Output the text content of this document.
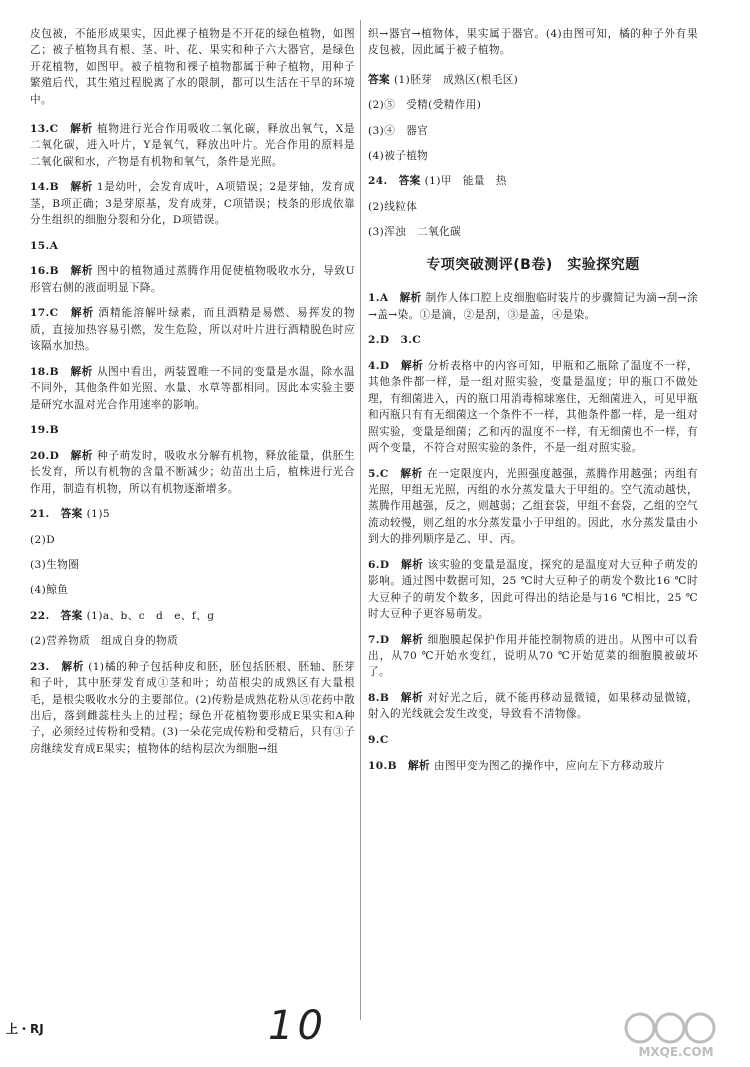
皮包被，不能形成果实，因此裸子植物是不开花的绿色植物，如图乙；被子植物具有根、茎、叶、花、果实和种子六大器官，是绿色开花植物，如图甲。被子植物和裸子植物都属于种子植物，用种子繁殖后代，其生殖过程脱离了水的限制，都可以生活在干旱的环境中。

13.C　 解析 植物进行光合作用吸收二氧化碳，释放出氧气，X是二氧化碳，进入叶片，Y是氧气，释放出叶片。光合作用的原料是二氧化碳和水，产物是有机物和氧气，条件是光照。

14.B　 解析 1是幼叶，会发育成叶，A项错误；2是芽轴，发育成茎，B项正确；3是芽原基，发育成芽，C项错误；枝条的形成依靠分生组织的细胞分裂和分化，D项错误。

15.A　

16.B　 解析 图中的植物通过蒸腾作用促使植物吸收水分，导致U形管右侧的液面明显下降。

17.C　 解析 酒精能溶解叶绿素，而且酒精是易燃、易挥发的物质，直接加热容易引燃，发生危险，所以对叶片进行酒精脱色时应该隔水加热。

18.B　 解析 从图中看出，两装置唯一不同的变量是水温，除水温不同外，其他条件如光照、水量、水草等都相同。因此本实验主要是研究水温对光合作用速率的影响。

19.B　

20.D　 解析 种子萌发时，吸收水分解有机物，释放能量，供胚生长发育，所以有机物的含量不断减少；幼苗出土后，植株进行光合作用，制造有机物，所以有机物逐渐增多。

21.　 答案 (1)5

(2)D

(3)生物圈

(4)鲸鱼

22.　 答案 (1)a、b、c　d　e、f、g

(2)营养物质　组成自身的物质

23.　 解析 (1)橘的种子包括种皮和胚，胚包括胚根、胚轴、胚芽和子叶，其中胚芽发育成①茎和叶；幼苗根尖的成熟区有大量根毛，是根尖吸收水分的主要部位。(2)传粉是成熟花粉从⑤花药中散出后，落到雌蕊柱头上的过程；绿色开花植物要形成E果实和A种子，必须经过传粉和受精。(3)一朵花完成传粉和受精后，只有③子房继续发育成E果实；植物体的结构层次为细胞→组

织→器官→植物体，果实属于器官。(4)由图可知，橘的种子外有果皮包被，因此属于被子植物。

答案 (1)胚芽　成熟区(根毛区)

(2)⑤　受精(受精作用)

(3)④　器官

(4)被子植物

24.　 答案 (1)甲　能量　热

(2)线粒体

(3)浑浊　二氧化碳

专项突破测评(B卷)　实验探究题

1.A　 解析 制作人体口腔上皮细胞临时装片的步骤简记为滴→刮→涂→盖→染。①是滴，②是刮，③是盖，④是染。

2.D　3.C　

4.D　 解析 分析表格中的内容可知，甲瓶和乙瓶除了温度不一样，其他条件都一样，是一组对照实验，变量是温度；甲的瓶口不做处理，有细菌进入，丙的瓶口用消毒棉球塞住，无细菌进入，可见甲瓶和丙瓶只有有无细菌这一个条件不一样，其他条件都一样，是一组对照实验，变量是细菌；乙和丙的温度不一样，有无细菌也不一样，有两个变量，不符合对照实验的条件，不是一组对照实验。

5.C　 解析 在一定限度内，光照强度越强，蒸腾作用越强；丙组有光照，甲组无光照，丙组的水分蒸发量大于甲组的。空气流动越快，蒸腾作用越强，反之，则越弱；乙组套袋，甲组不套袋，乙组的空气流动较慢，则乙组的水分蒸发量小于甲组的。因此，水分蒸发量由小到大的排列顺序是乙、甲、丙。

6.D　 解析 该实验的变量是温度，探究的是温度对大豆种子萌发的影响。通过图中数据可知，25 ℃时大豆种子的萌发个数比16 ℃时大豆种子的萌发个数多，因此可得出的结论是与16 ℃相比，25 ℃时大豆种子更容易萌发。

7.D　 解析 细胞膜起保护作用并能控制物质的进出。从图中可以看出，从70 ℃开始水变红，说明从70 ℃开始苋菜的细胞膜被破坏了。

8.B　 解析 对好光之后，就不能再移动显微镜，如果移动显微镜，射入的光线就会发生改变，导致看不清物像。

9.C　

10.B　 解析 由图甲变为图乙的操作中，应向左下方移动玻片

上・RJ	10
MXQE.COM
